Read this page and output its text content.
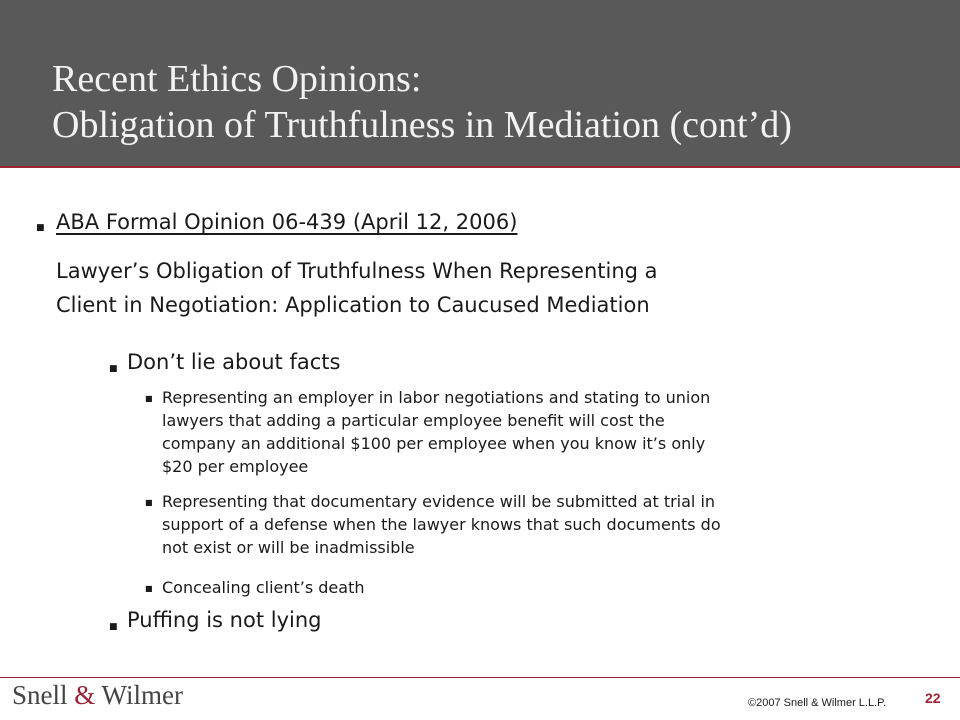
Recent Ethics Opinions:
Obligation of Truthfulness in Mediation (cont’d)
■ ABA Formal Opinion 06-439 (April 12, 2006)
Lawyer’s Obligation of Truthfulness When Representing a
Client in Negotiation: Application to Caucused Mediation
■ Don’t lie about facts
■ Representing an employer in labor negotiations and stating to union
lawyers that adding a particular employee benefit will cost the
company an additional $100 per employee when you know it’s only
$20 per employee
■ Representing that documentary evidence will be submitted at trial in
support of a defense when the lawyer knows that such documents do
not exist or will be inadmissible
■ Concealing client’s death
■ Puffing is not lying
Snell & Wilmer	©2007 Snell & Wilmer L.L.P.	22
